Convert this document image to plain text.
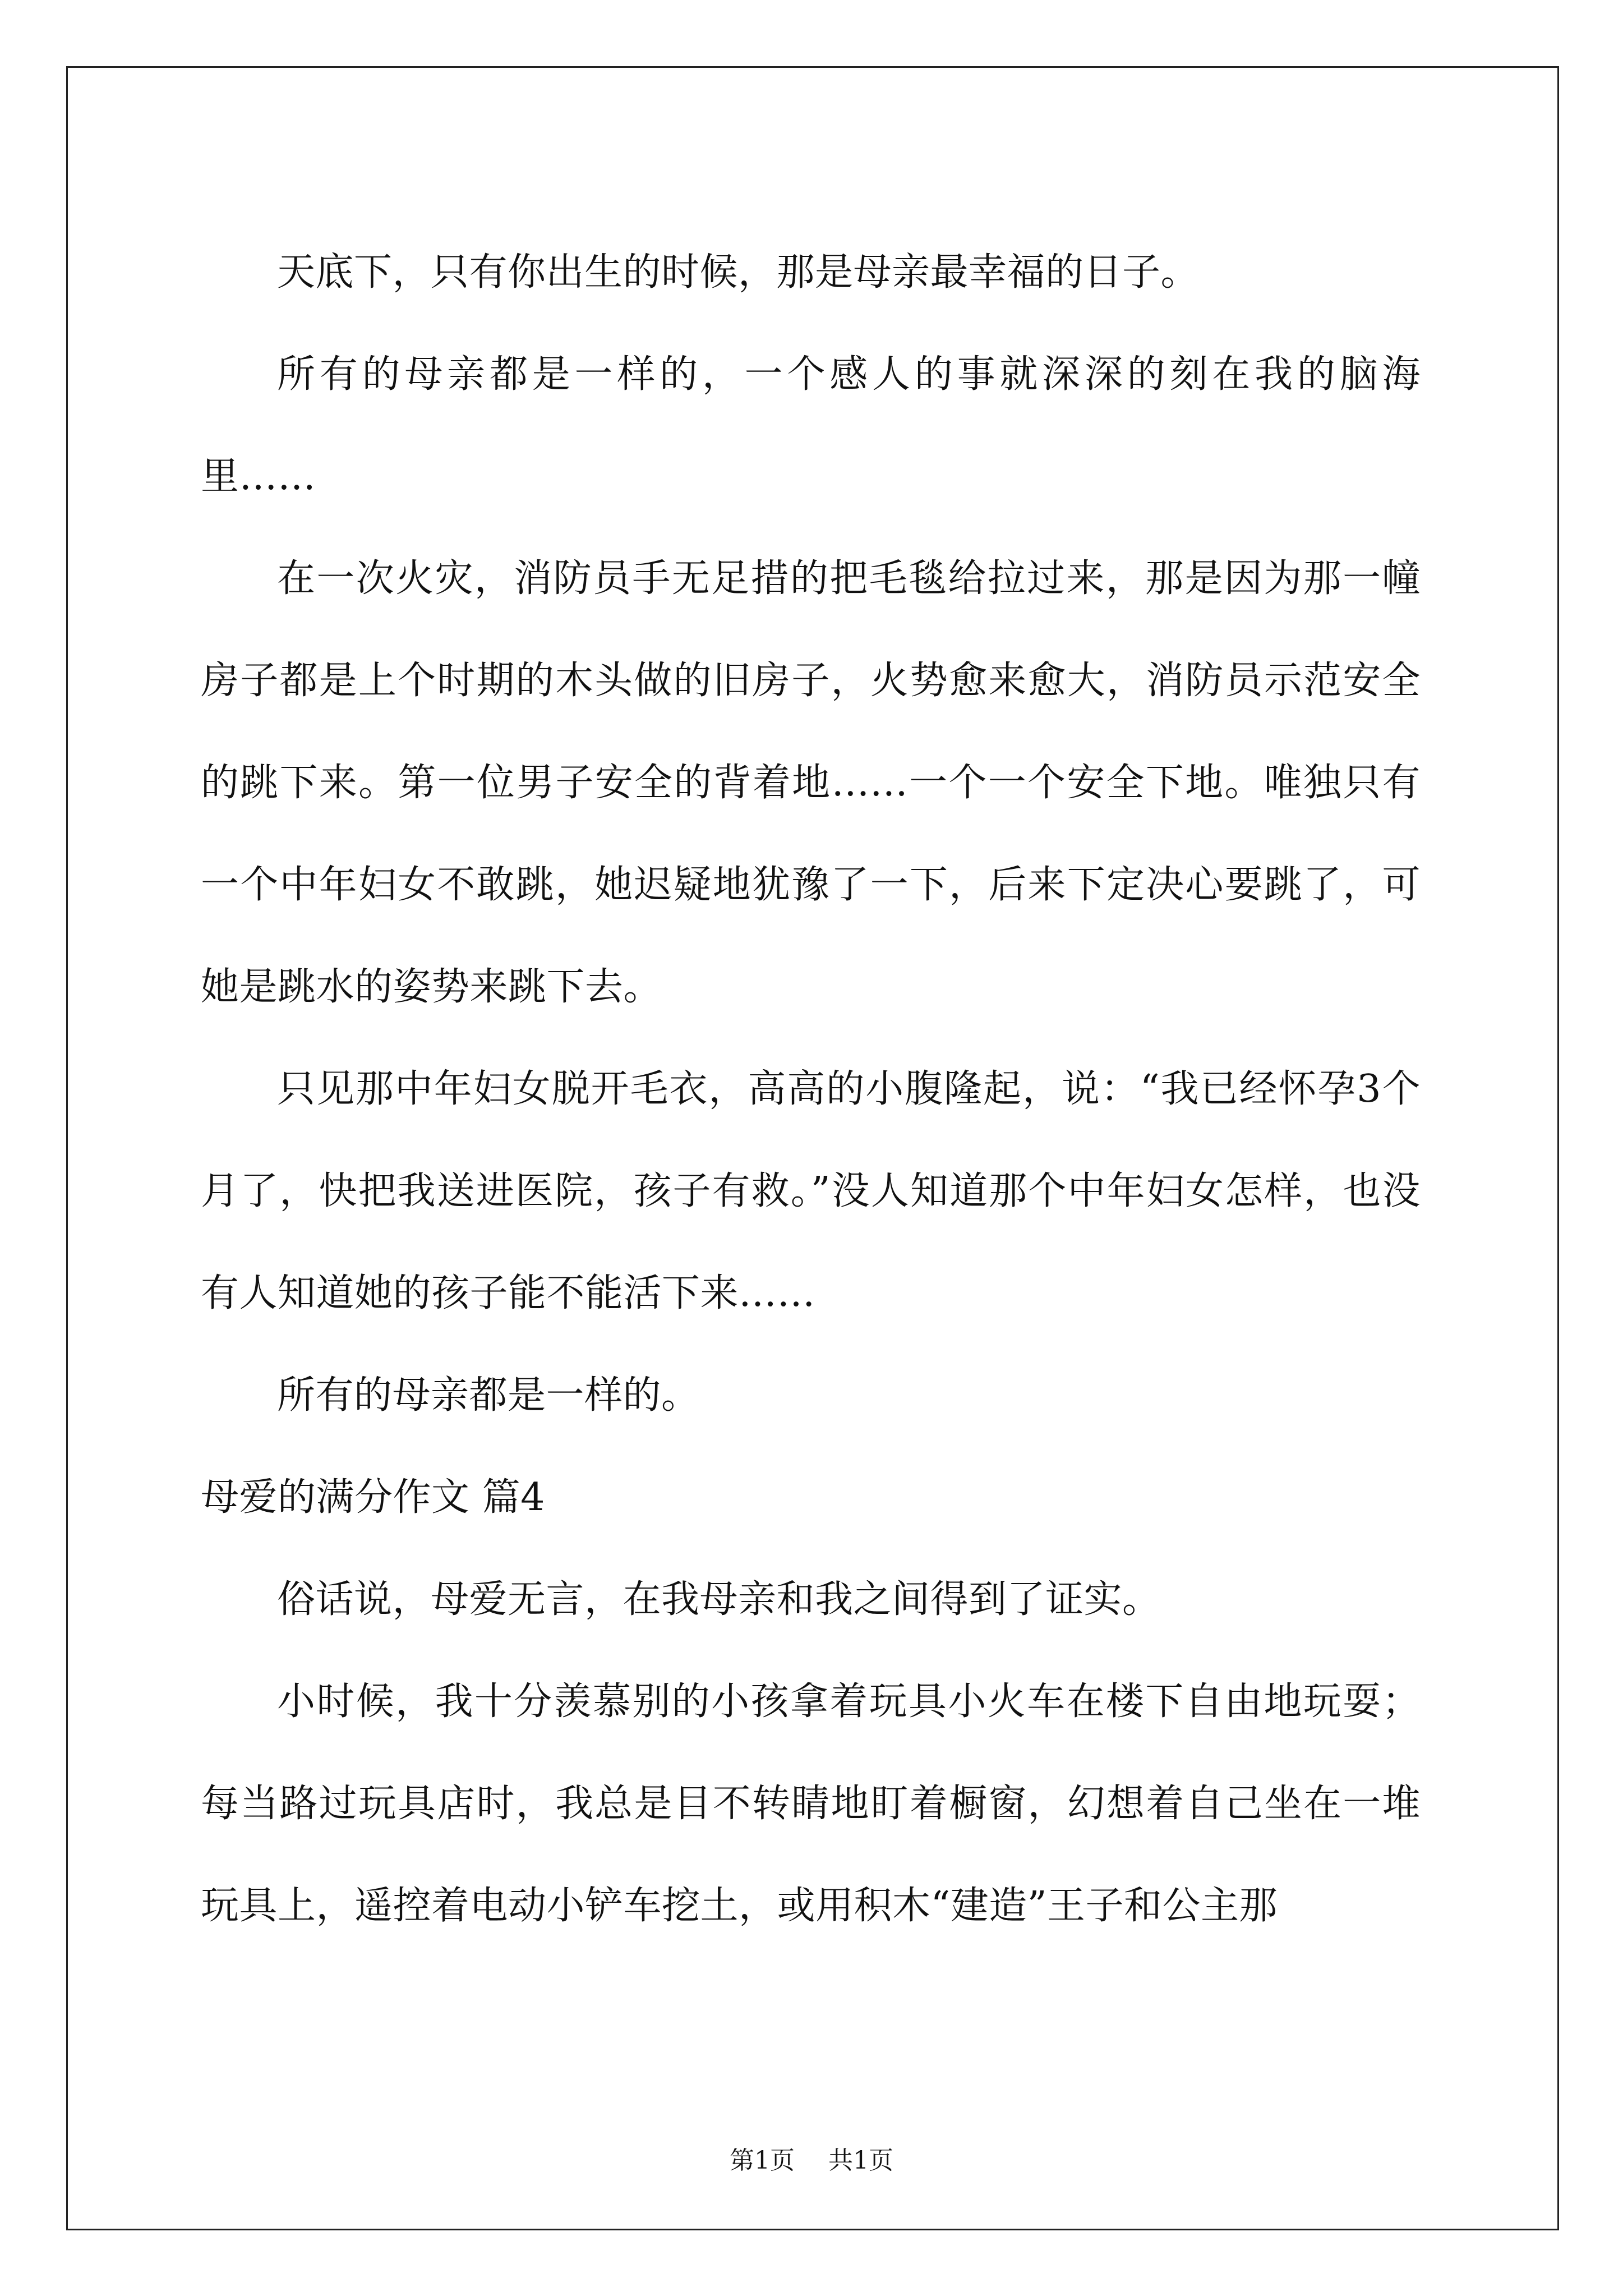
天底下，只有你出生的时候，那是母亲最幸福的日子。

所有的母亲都是一样的，一个感人的事就深深的刻在我的脑海里……

在一次火灾，消防员手无足措的把毛毯给拉过来，那是因为那一幢房子都是上个时期的木头做的旧房子，火势愈来愈大，消防员示范安全的跳下来。第一位男子安全的背着地……一个一个安全下地。唯独只有一个中年妇女不敢跳，她迟疑地犹豫了一下，后来下定决心要跳了，可她是跳水的姿势来跳下去。

只见那中年妇女脱开毛衣，高高的小腹隆起，说：“我已经怀孕3个月了，快把我送进医院，孩子有救。”没人知道那个中年妇女怎样，也没有人知道她的孩子能不能活下来……

所有的母亲都是一样的。

母爱的满分作文 篇4

俗话说，母爱无言，在我母亲和我之间得到了证实。

小时候，我十分羡慕别的小孩拿着玩具小火车在楼下自由地玩耍；每当路过玩具店时，我总是目不转睛地盯着橱窗，幻想着自己坐在一堆玩具上，遥控着电动小铲车挖土，或用积木“建造”王子和公主那

第1页 共1页
